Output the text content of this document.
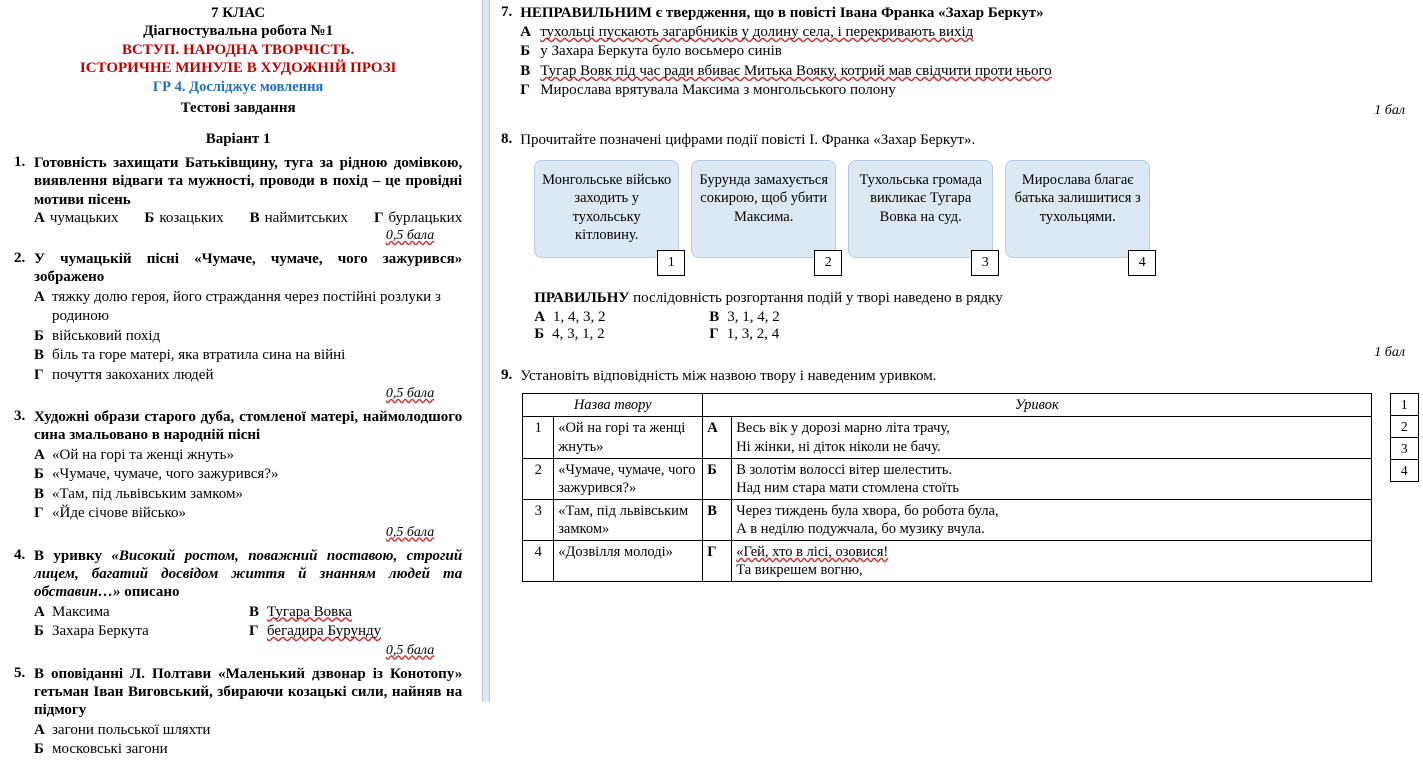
7 КЛАС
Діагностувальна робота №1
ВСТУП. НАРОДНА ТВОРЧІСТЬ.
ІСТОРИЧНЕ МИНУЛЕ В ХУДОЖНІЙ ПРОЗІ
ГР 4. Досліджує мовлення
Тестові завдання
Варіант 1
1. Готовність захищати Батьківщину, туга за рідною домівкою, виявлення відваги та мужності, проводи в похід – це провідні мотиви пісень
А чумацьких Б козацьких В наймитських Г бурлацьких
0,5 бала
2. У чумацькій пісні «Чумаче, чумаче, чого зажурився» зображено
А тяжку долю героя, його страждання через постійні розлуки з родиною
Б військовий похід
В біль та горе матері, яка втратила сина на війні
Г почуття закоханих людей
0,5 бала
3. Художні образи старого дуба, стомленої матері, наймолодшого сина змальовано в народній пісні
А «Ой на горі та женці жнуть»
Б «Чумаче, чумаче, чого зажурився?»
В «Там, під львівським замком»
Г «Йде січове військо»
0,5 бала
4. В уривку «Високий ростом, поважний поставою, строгий лицем, багатий досвідом життя й знанням людей та обставин…» описано
А Максима
Б Захара Беркута
В Тугара Вовка
Г бегадира Бурунду
0,5 бала
5. В оповіданні Л. Полтави «Маленький дзвонар із Конотопу» гетьман Іван Виговський, збираючи козацькі сили, найняв на підмогу
А загони польської шляхти
Б московські загони
7. НЕПРАВИЛЬНИМ є твердження, що в повісті Івана Франка «Захар Беркут»
А тухольці пускають загарбників у долину села, і перекривають вихід
Б у Захара Беркута було восьмеро синів
В Тугар Вовк під час ради вбиває Митька Вояку, котрий мав свідчити проти нього
Г Мирослава врятувала Максима з монгольського полону
1 бал
8. Прочитайте позначені цифрами події повісті І. Франка «Захар Беркут».
Монгольське військо заходить у тухольську кітловину.
1
Бурунда замахується сокирою, щоб убити Максима.
2
Тухольська громада викликає Тугара Вовка на суд.
3
Мирослава благає батька залишитися з тухольцями.
4
ПРАВИЛЬНУ послідовність розгортання подій у творі наведено в рядку
А 1, 4, 3, 2
Б 4, 3, 1, 2
В 3, 1, 4, 2
Г 1, 3, 2, 4
1 бал
9. Установіть відповідність між назвою твору і наведеним уривком.
Назва твору		Уривок	
1	«Ой на горі та женці жнуть»	А	Весь вік у дорозі марно літа трачу,
Ні жінки, ні діток ніколи не бачу.

2	«Чумаче, чумаче, чого зажурився?»	Б	В золотім волоссі вітер шелестить.
Над ним стара мати стомлена стоїть

3	«Там, під львівським замком»	В	Через тиждень була хвора, бо робота була,
А в неділю подужчала, бо музику вчула.

4	«Дозвілля молоді»	Г	«Гей, хто в лісі, озовися!
Та викрешем вогню,
1
2
3
4
